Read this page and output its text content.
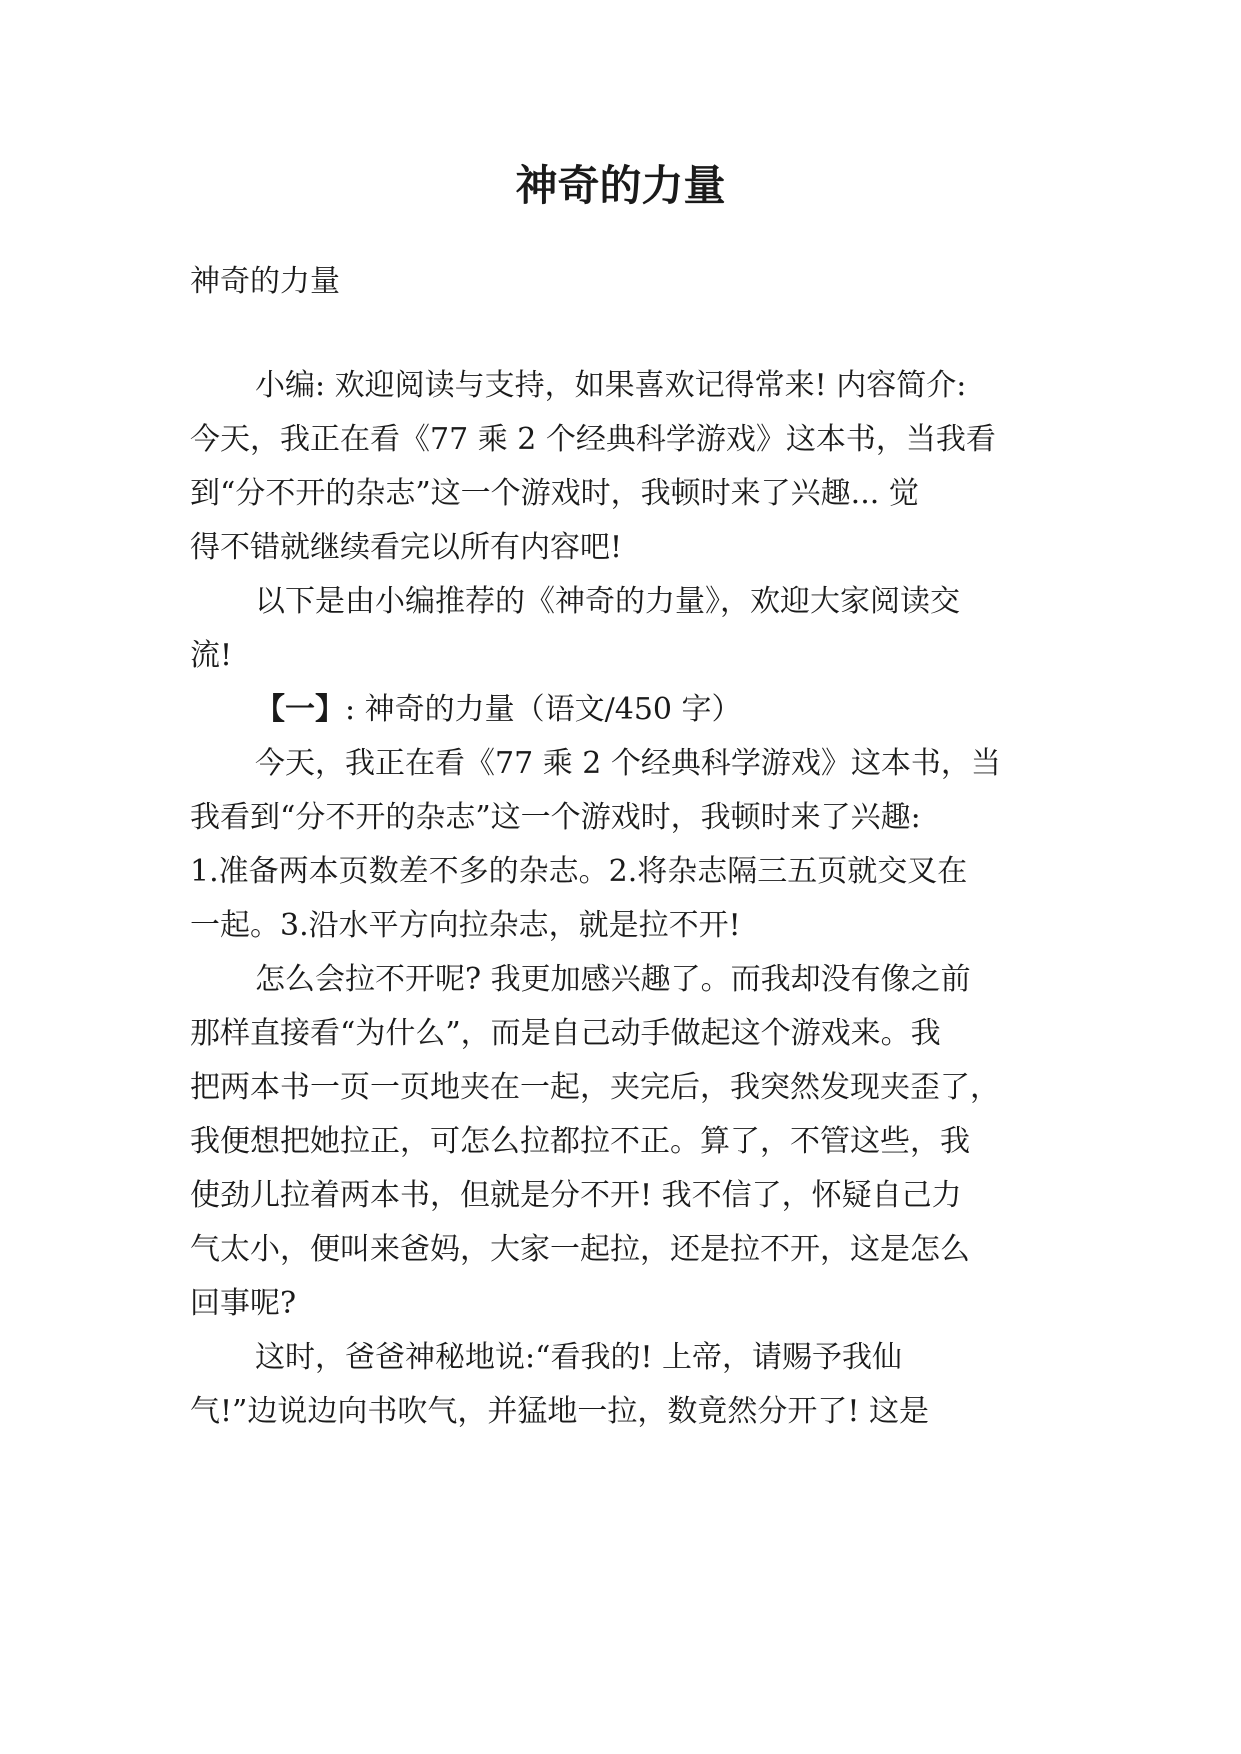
神奇的力量

神奇的力量

小编: 欢迎阅读与支持，如果喜欢记得常来! 内容简介:

今天，我正在看《77 乘 2 个经典科学游戏》这本书，当我看

到“分不开的杂志”这一个游戏时，我顿时来了兴趣... 觉

得不错就继续看完以所有内容吧!

以下是由小编推荐的《神奇的力量》，欢迎大家阅读交

流!

【一】: 神奇的力量（语文/450 字）

今天，我正在看《77 乘 2 个经典科学游戏》这本书，当

我看到“分不开的杂志”这一个游戏时，我顿时来了兴趣:

1.准备两本页数差不多的杂志。2.将杂志隔三五页就交叉在

一起。3.沿水平方向拉杂志，就是拉不开!

怎么会拉不开呢? 我更加感兴趣了。而我却没有像之前

那样直接看“为什么”，而是自己动手做起这个游戏来。我

把两本书一页一页地夹在一起，夹完后，我突然发现夹歪了，

我便想把她拉正，可怎么拉都拉不正。算了，不管这些，我

使劲儿拉着两本书，但就是分不开! 我不信了，怀疑自己力

气太小，便叫来爸妈，大家一起拉，还是拉不开，这是怎么

回事呢?

这时，爸爸神秘地说:“看我的! 上帝，请赐予我仙

气!”边说边向书吹气，并猛地一拉，数竟然分开了! 这是
